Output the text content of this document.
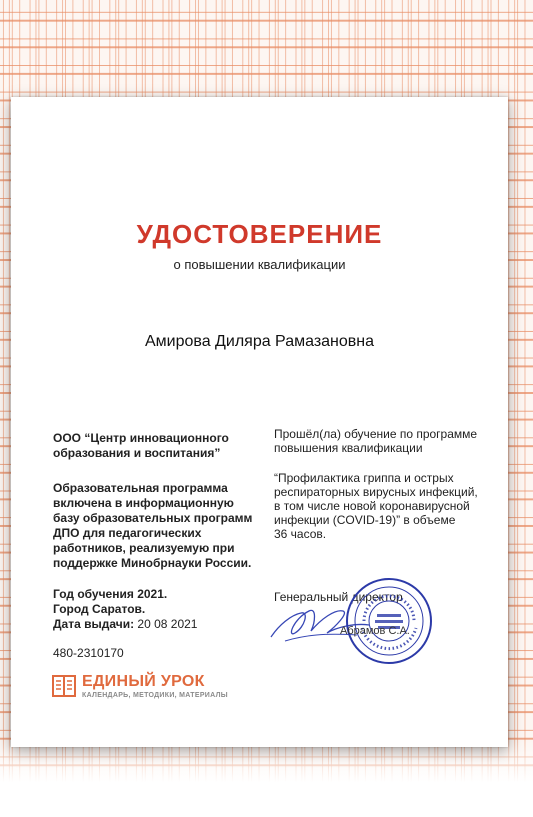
УДОСТОВЕРЕНИЕ
о повышении квалификации
Амирова Диляра Рамазановна
ООО “Центр инновационного
образования и воспитания”
Образовательная программа
включена в информационную
базу образовательных программ
ДПО для педагогических
работников, реализуемую при
поддержке Минобрнауки России.
Год обучения 2021.
Город Саратов.
Дата выдачи: 20 08 2021
480-2310170
Прошёл(ла) обучение по программе
повышения квалификации
“Профилактика гриппа и острых
респираторных вирусных инфекций,
в том числе новой коронавирусной
инфекции (COVID-19)” в объеме
36 часов.
Генеральный директор
Абрамов С.А.
ЕДИНЫЙ УРОК
КАЛЕНДАРЬ, МЕТОДИКИ, МАТЕРИАЛЫ
